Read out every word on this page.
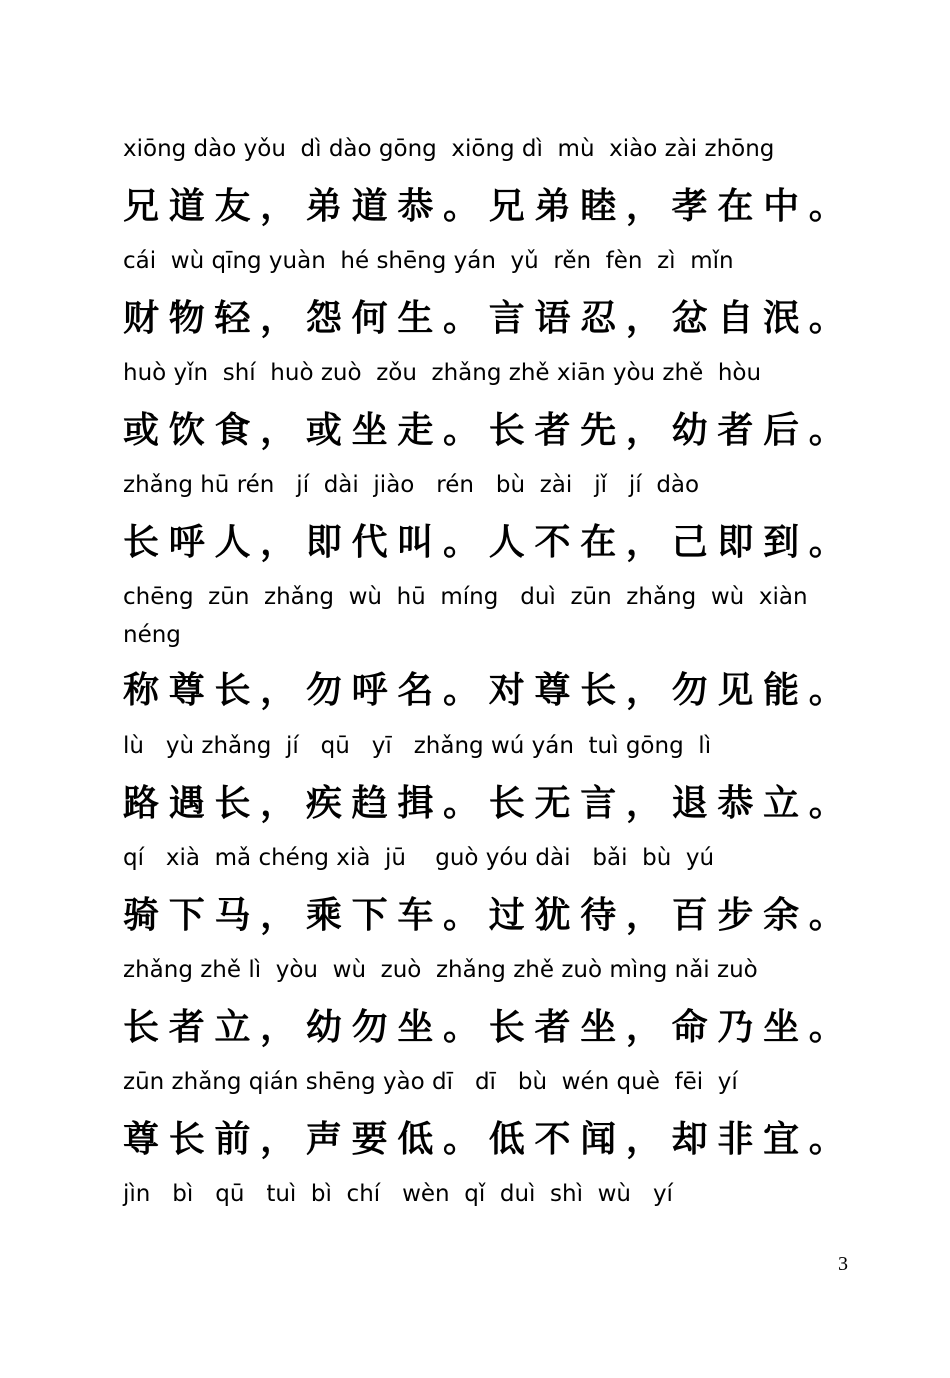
xiōng dào yǒu  dì dào gōng  xiōng dì  mù  xiào zài zhōng
兄 道 友 ， 弟 道 恭 。 兄 弟 睦 ， 孝 在 中 。
cái  wù qīng yuàn  hé shēng yán  yǔ  rěn  fèn  zì  mǐn
财 物 轻 ， 怨 何 生 。 言 语 忍 ， 忿 自 泯 。
huò yǐn  shí  huò zuò  zǒu  zhǎng zhě xiān yòu zhě  hòu
或 饮 食 ， 或 坐 走 。 长 者 先 ， 幼 者 后 。
zhǎng hū rén   jí  dài  jiào   rén   bù  zài   jǐ   jí  dào
长 呼 人 ， 即 代 叫 。 人 不 在 ， 己 即 到 。
chēng  zūn  zhǎng  wù  hū  míng   duì  zūn  zhǎng  wù  xiàn néng
称 尊 长 ， 勿 呼 名 。 对 尊 长 ， 勿 见 能 。
lù   yù zhǎng  jí   qū   yī   zhǎng wú yán  tuì gōng  lì
路 遇 长 ， 疾 趋 揖 。 长 无 言 ， 退 恭 立 。
qí   xià  mǎ chéng xià  jū    guò yóu dài   bǎi  bù  yú
骑 下 马 ， 乘 下 车 。 过 犹 待 ， 百 步 余 。
zhǎng zhě lì  yòu  wù  zuò  zhǎng zhě zuò mìng nǎi zuò
长 者 立 ， 幼 勿 坐 。 长 者 坐 ， 命 乃 坐 。
zūn zhǎng qián shēng yào dī   dī   bù  wén què  fēi  yí
尊 长 前 ， 声 要 低 。 低 不 闻 ， 却 非 宜 。
jìn   bì   qū   tuì  bì  chí   wèn  qǐ  duì  shì  wù   yí
3
